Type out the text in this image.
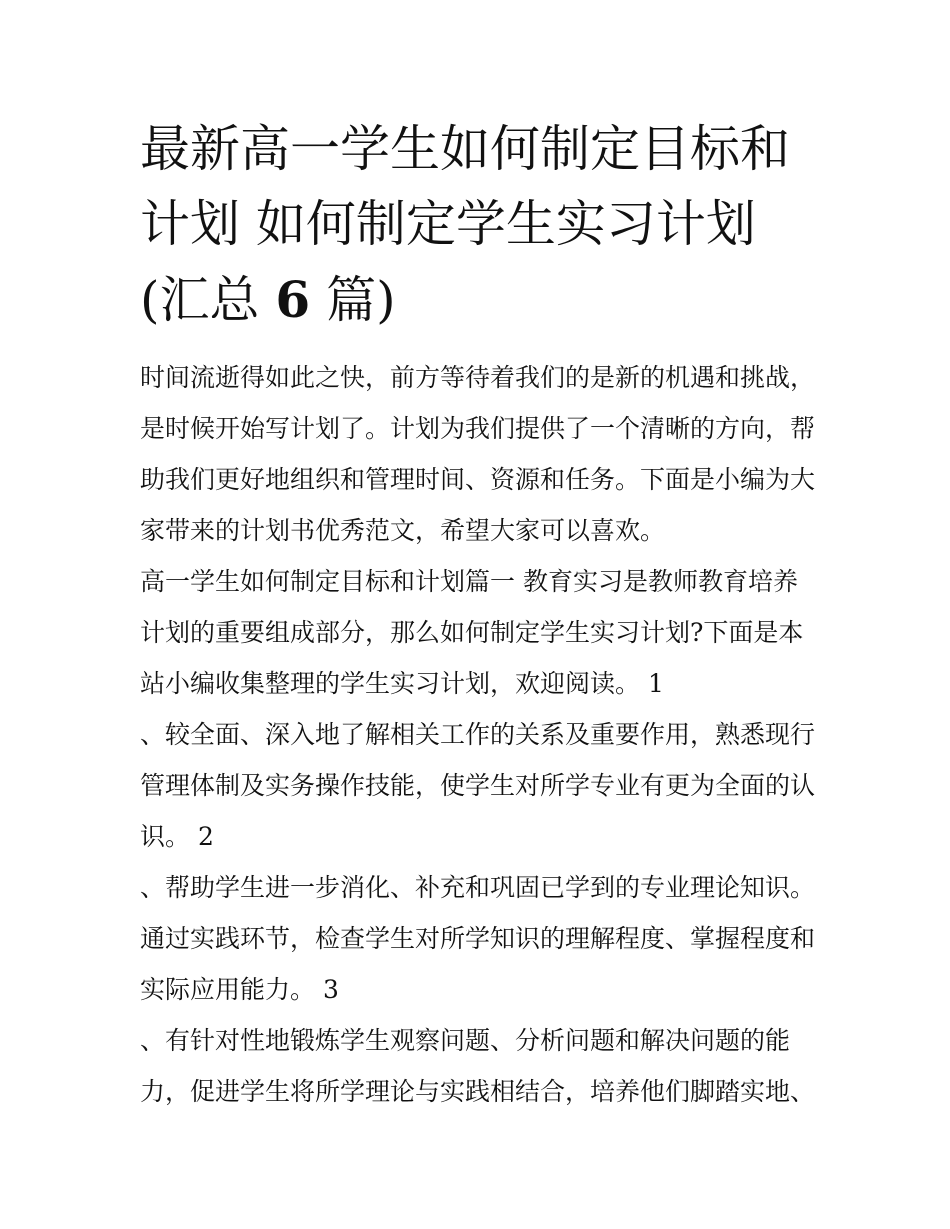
最新高一学生如何制定目标和
计划 如何制定学生实习计划
(汇总 6 篇)
时间流逝得如此之快，前方等待着我们的是新的机遇和挑战，
是时候开始写计划了。计划为我们提供了一个清晰的方向，帮
助我们更好地组织和管理时间、资源和任务。下面是小编为大
家带来的计划书优秀范文，希望大家可以喜欢。
高一学生如何制定目标和计划篇一 教育实习是教师教育培养
计划的重要组成部分，那么如何制定学生实习计划?下面是本
站小编收集整理的学生实习计划，欢迎阅读。 1
、较全面、深入地了解相关工作的关系及重要作用，熟悉现行
管理体制及实务操作技能，使学生对所学专业有更为全面的认
识。 2
、帮助学生进一步消化、补充和巩固已学到的专业理论知识。
通过实践环节，检查学生对所学知识的理解程度、掌握程度和
实际应用能力。 3
、有针对性地锻炼学生观察问题、分析问题和解决问题的能
力，促进学生将所学理论与实践相结合，培养他们脚踏实地、
